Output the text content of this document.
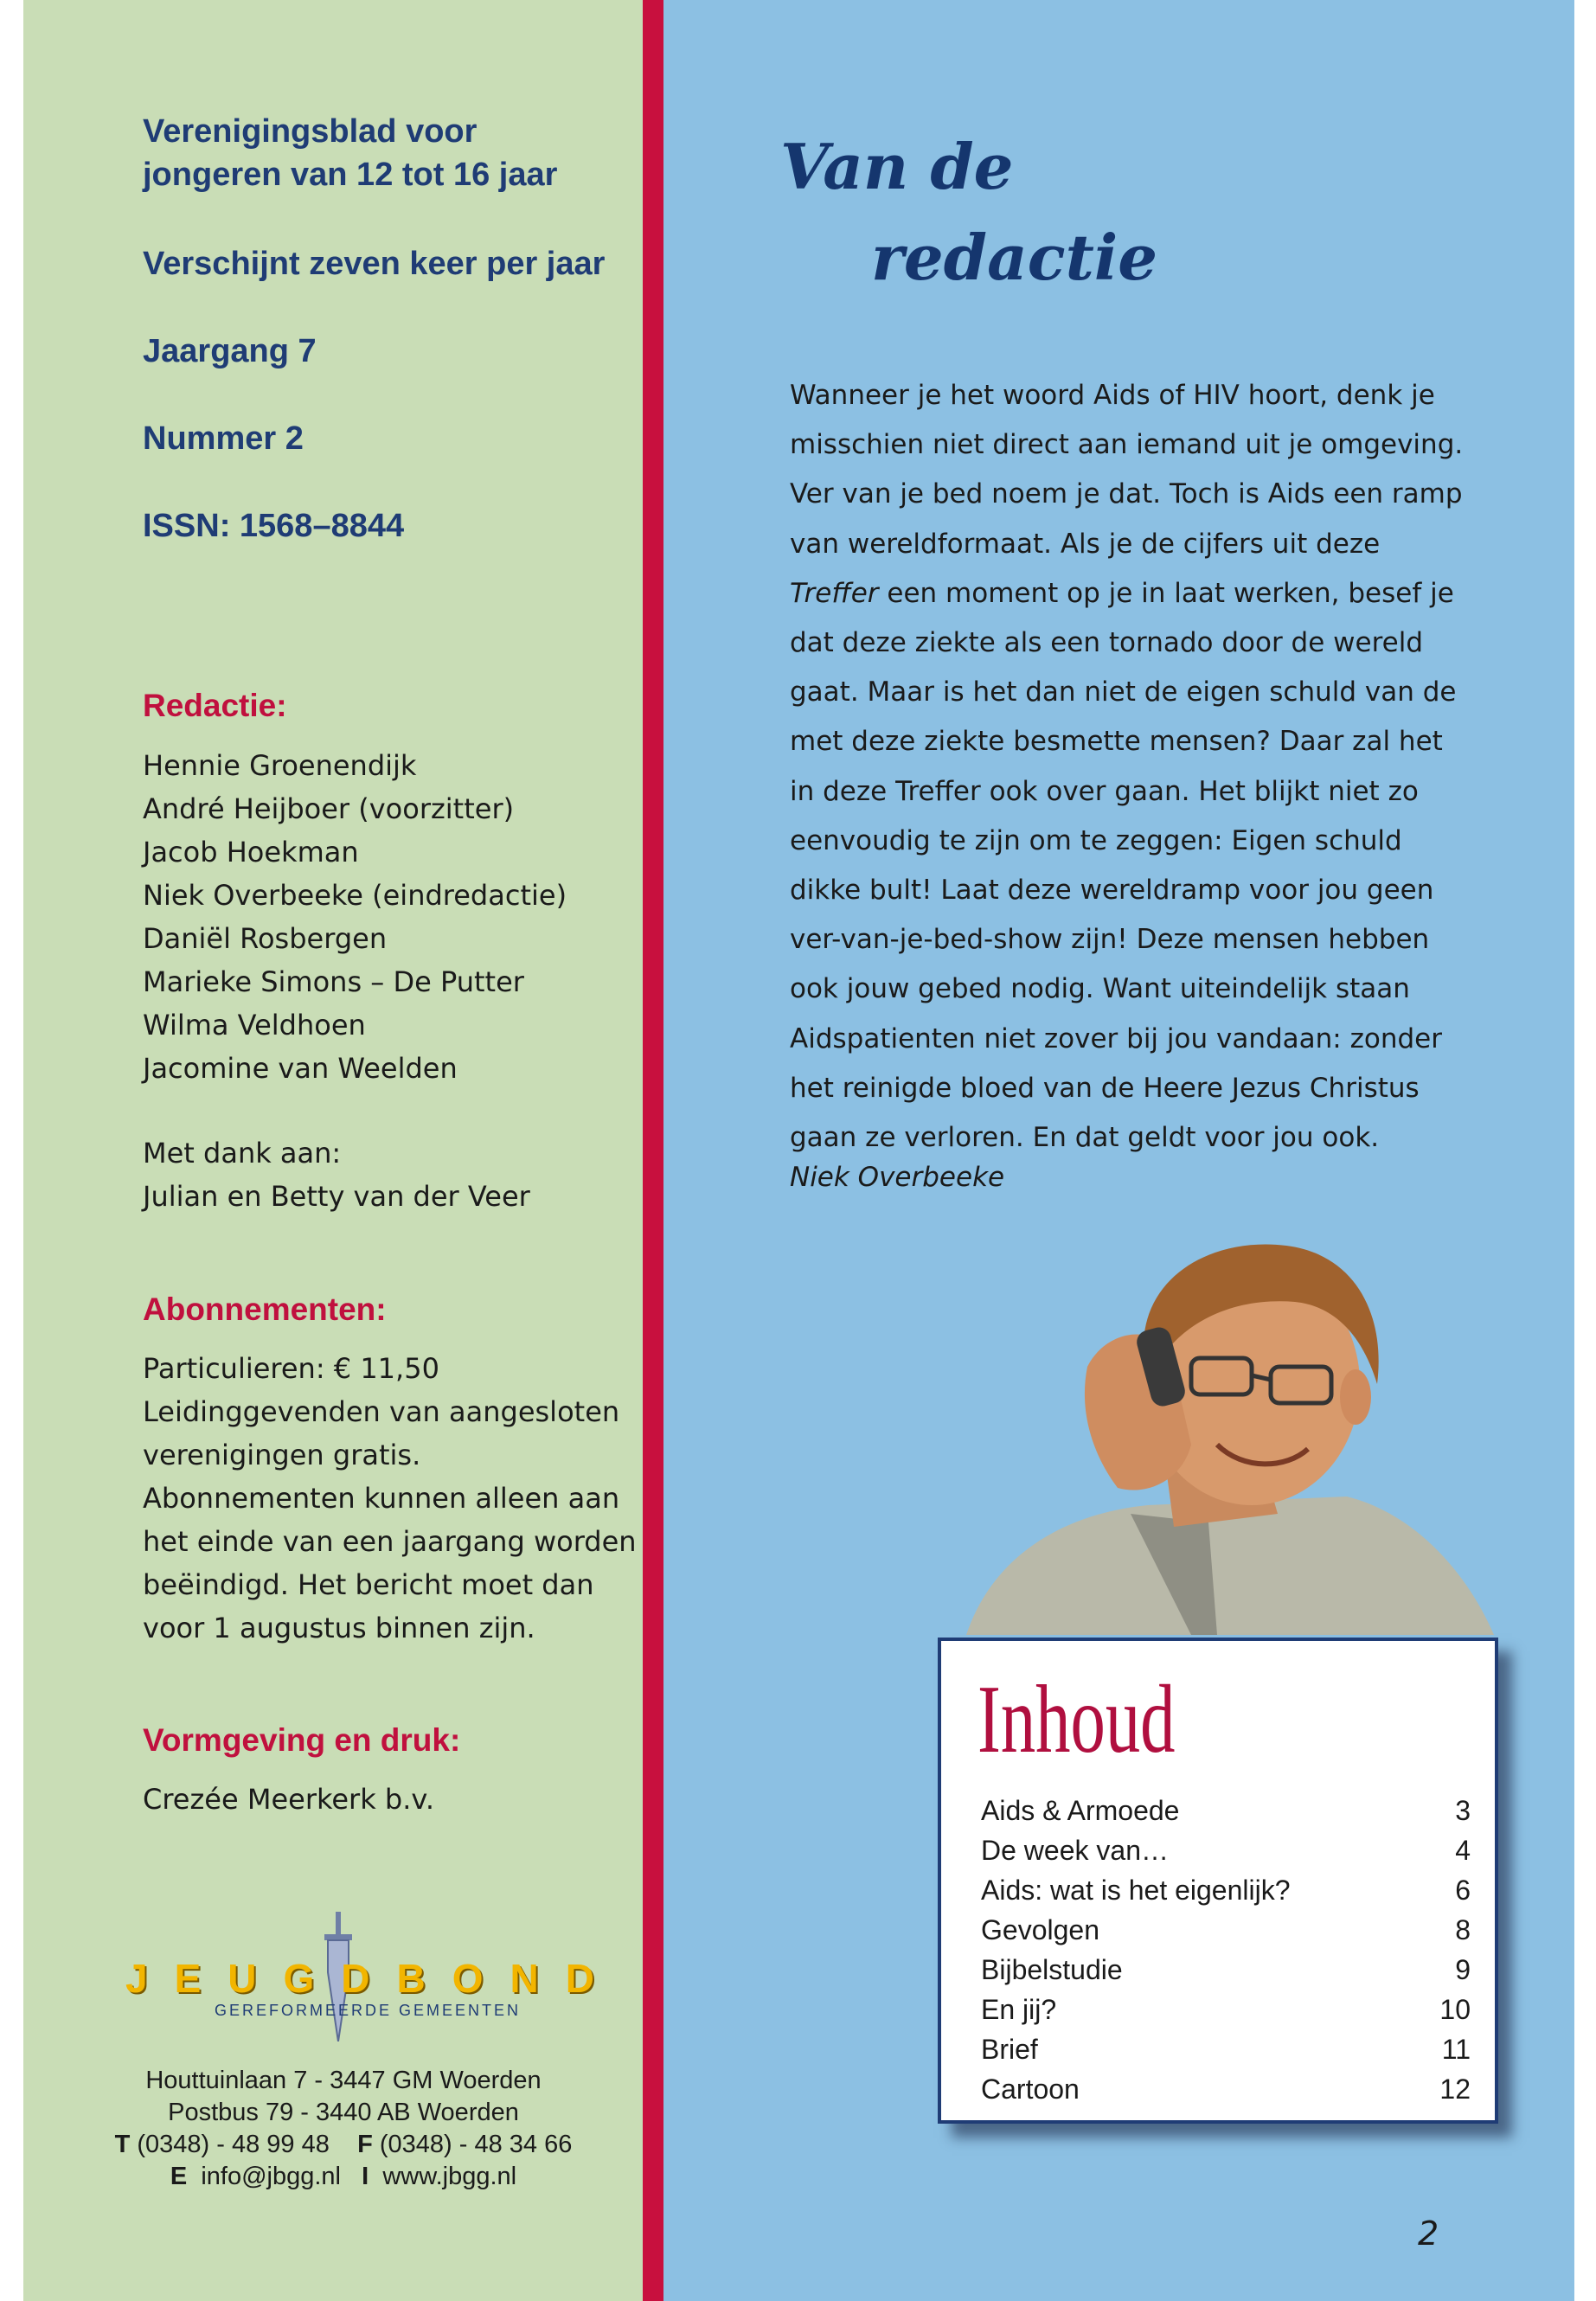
Verenigingsblad voor
jongeren van 12 tot 16 jaar

Verschijnt zeven keer per jaar

Jaargang 7

Nummer 2

ISSN: 1568–8844

Redactie:

Hennie Groenendijk
André Heijboer (voorzitter)
Jacob Hoekman
Niek Overbeeke (eindredactie)
Daniël Rosbergen
Marieke Simons – De Putter
Wilma Veldhoen
Jacomine van Weelden

Met dank aan:
Julian en Betty van der Veer

Abonnementen:

Particulieren: € 11,50
Leidinggevenden van aangesloten
verenigingen gratis.
Abonnementen kunnen alleen aan
het einde van een jaargang worden
beëindigd. Het bericht moet dan
voor 1 augustus binnen zijn.

Vormgeving en druk:

Crezée Meerkerk b.v.

JEUGDBOND
GEREFORMEERDE GEMEENTEN
Houttuinlaan 7 - 3447 GM Woerden
Postbus 79 - 3440 AB Woerden
T (0348) - 48 99 48 F (0348) - 48 34 66
E info@jbgg.nl I www.jbgg.nl
Van de
redactie

Wanneer je het woord Aids of HIV hoort, denk je misschien niet direct aan iemand uit je omgeving. Ver van je bed noem je dat. Toch is Aids een ramp van wereldformaat. Als je de cijfers uit deze Treffer een moment op je in laat werken, besef je dat deze ziekte als een tornado door de wereld gaat. Maar is het dan niet de eigen schuld van de met deze ziekte besmette mensen? Daar zal het in deze Treffer ook over gaan. Het blijkt niet zo eenvoudig te zijn om te zeggen: Eigen schuld dikke bult! Laat deze wereldramp voor jou geen ver-van-je-bed-show zijn! Deze mensen hebben ook jouw gebed nodig. Want uiteindelijk staan Aidspatienten niet zover bij jou vandaan: zonder het reinigde bloed van de Heere Jezus Christus gaan ze verloren. En dat geldt voor jou ook.

Niek Overbeeke

Inhoud

Aids & Armoede	3
De week van…	4
Aids: wat is het eigenlijk?	6
Gevolgen	8
Bijbelstudie	9
En jij?	10
Brief	11
Cartoon	12
2
